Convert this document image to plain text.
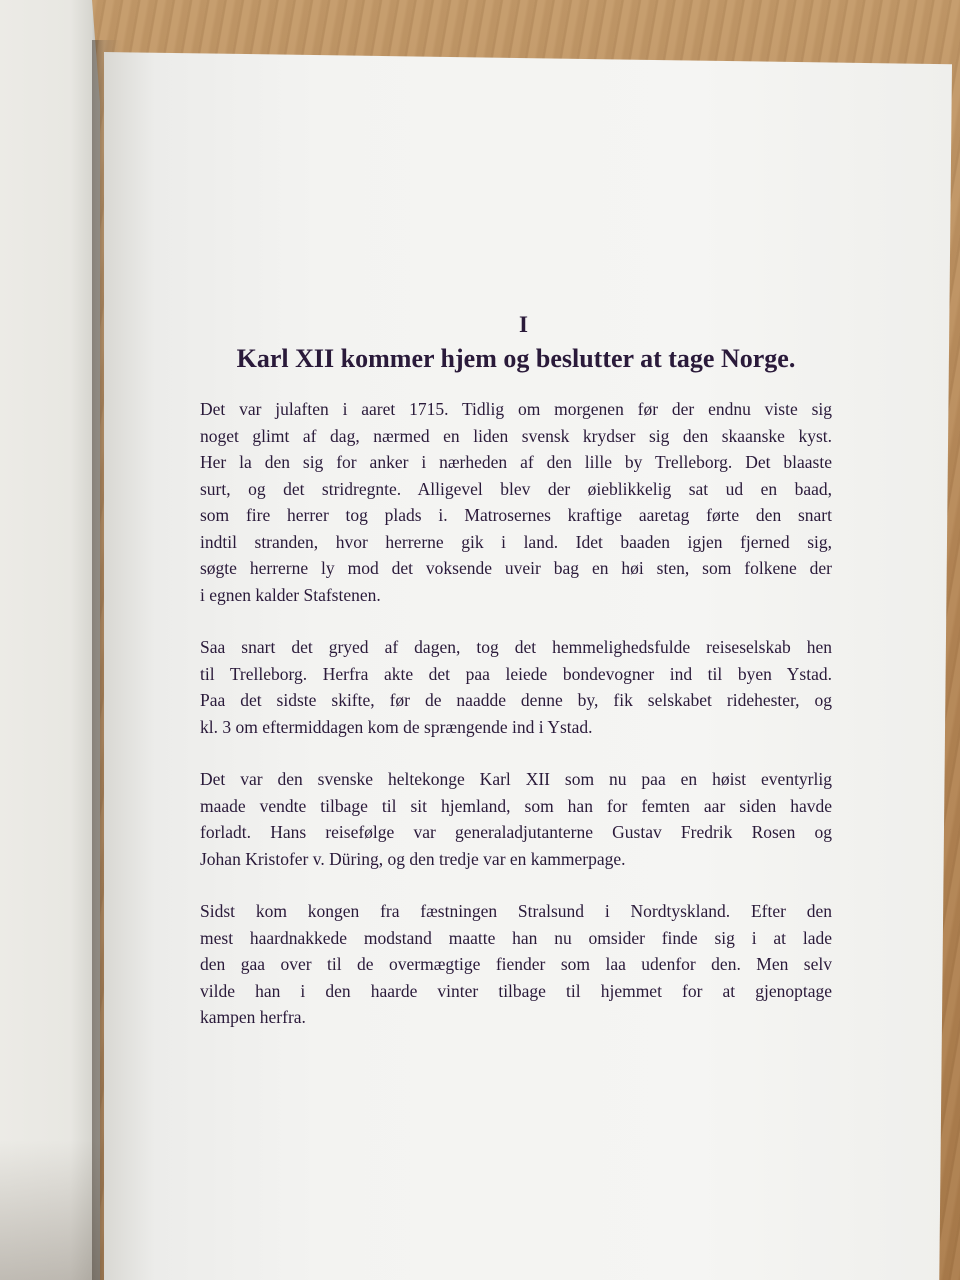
I
Karl XII kommer hjem og beslutter at tage Norge.
Det var julaften i aaret 1715. Tidlig om morgenen før der endnu viste sig
noget glimt af dag, nærmed en liden svensk krydser sig den skaanske kyst.
Her la den sig for anker i nærheden af den lille by Trelleborg. Det blaaste
surt, og det stridregnte. Alligevel blev der øieblikkelig sat ud en baad,
som fire herrer tog plads i. Matrosernes kraftige aaretag førte den snart
indtil stranden, hvor herrerne gik i land. Idet baaden igjen fjerned sig,
søgte herrerne ly mod det voksende uveir bag en høi sten, som folkene der
i egnen kalder Stafstenen.
Saa snart det gryed af dagen, tog det hemmelighedsfulde reiseselskab hen
til Trelleborg. Herfra akte det paa leiede bondevogner ind til byen Ystad.
Paa det sidste skifte, før de naadde denne by, fik selskabet ridehester, og
kl. 3 om eftermiddagen kom de sprængende ind i Ystad.
Det var den svenske heltekonge Karl XII som nu paa en høist eventyrlig
maade vendte tilbage til sit hjemland, som han for femten aar siden havde
forladt. Hans reisefølge var generaladjutanterne Gustav Fredrik Rosen og
Johan Kristofer v. Düring, og den tredje var en kammerpage.
Sidst kom kongen fra fæstningen Stralsund i Nordtyskland. Efter den
mest haardnakkede modstand maatte han nu omsider finde sig i at lade
den gaa over til de overmægtige fiender som laa udenfor den. Men selv
vilde han i den haarde vinter tilbage til hjemmet for at gjenoptage
kampen herfra.
